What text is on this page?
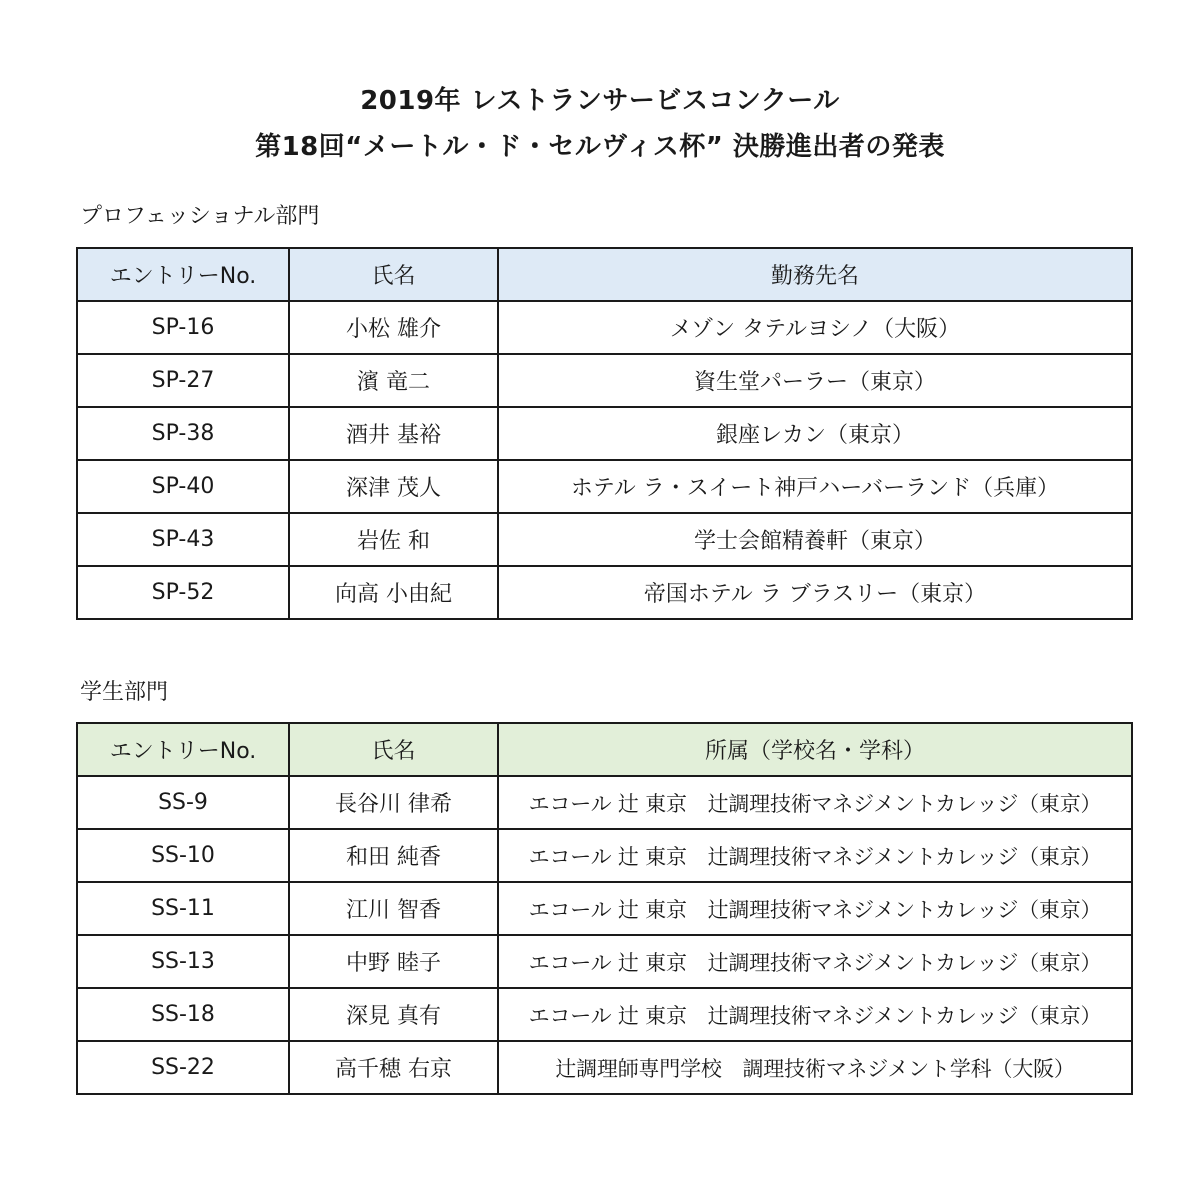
2019年 レストランサービスコンクール
第18回“メートル・ド・セルヴィス杯” 決勝進出者の発表
プロフェッショナル部門
エントリーNo.	氏名	勤務先名
SP-16	小松 雄介	メゾン タテルヨシノ（大阪）
SP-27	濱 竜二	資生堂パーラー（東京）
SP-38	酒井 基裕	銀座レカン（東京）
SP-40	深津 茂人	ホテル ラ・スイート神戸ハーバーランド（兵庫）
SP-43	岩佐 和	学士会館精養軒（東京）
SP-52	向高 小由紀	帝国ホテル ラ ブラスリー（東京）
学生部門
エントリーNo.	氏名	所属（学校名・学科）
SS-9	長谷川 律希	エコール 辻 東京　辻調理技術マネジメントカレッジ（東京）
SS-10	和田 純香	エコール 辻 東京　辻調理技術マネジメントカレッジ（東京）
SS-11	江川 智香	エコール 辻 東京　辻調理技術マネジメントカレッジ（東京）
SS-13	中野 睦子	エコール 辻 東京　辻調理技術マネジメントカレッジ（東京）
SS-18	深見 真有	エコール 辻 東京　辻調理技術マネジメントカレッジ（東京）
SS-22	高千穂 右京	辻調理師専門学校　調理技術マネジメント学科（大阪）
